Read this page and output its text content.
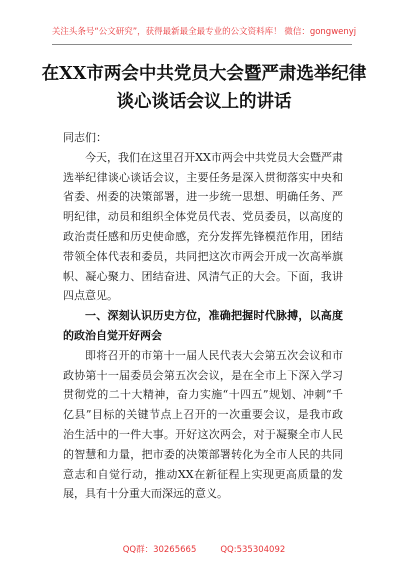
关注头条号“公文研究”，获得最新最全最专业的公文资料库！ 微信：gongwenyj
在XX市两会中共党员大会暨严肃选举纪律谈心谈话会议上的讲话

同志们：

今天，我们在这里召开XX市两会中共党员大会暨严肃选举纪律谈心谈话会议，主要任务是深入贯彻落实中央和省委、州委的决策部署，进一步统一思想、明确任务、严明纪律，动员和组织全体党员代表、党员委员，以高度的政治责任感和历史使命感，充分发挥先锋模范作用，团结带领全体代表和委员，共同把这次市两会开成一次高举旗帜、凝心聚力、团结奋进、风清气正的大会。下面，我讲四点意见。

一、深刻认识历史方位，准确把握时代脉搏，以高度的政治自觉开好两会

即将召开的市第十一届人民代表大会第五次会议和市政协第十一届委员会第五次会议，是在全市上下深入学习贯彻党的二十大精神，奋力实施“十四五”规划、冲刺“千亿县”目标的关键节点上召开的一次重要会议，是我市政治生活中的一件大事。开好这次两会，对于凝聚全市人民的智慧和力量，把市委的决策部署转化为全市人民的共同意志和自觉行动，推动XX在新征程上实现更高质量的发展，具有十分重大而深远的意义。

QQ群：30265665	QQ:535304092
